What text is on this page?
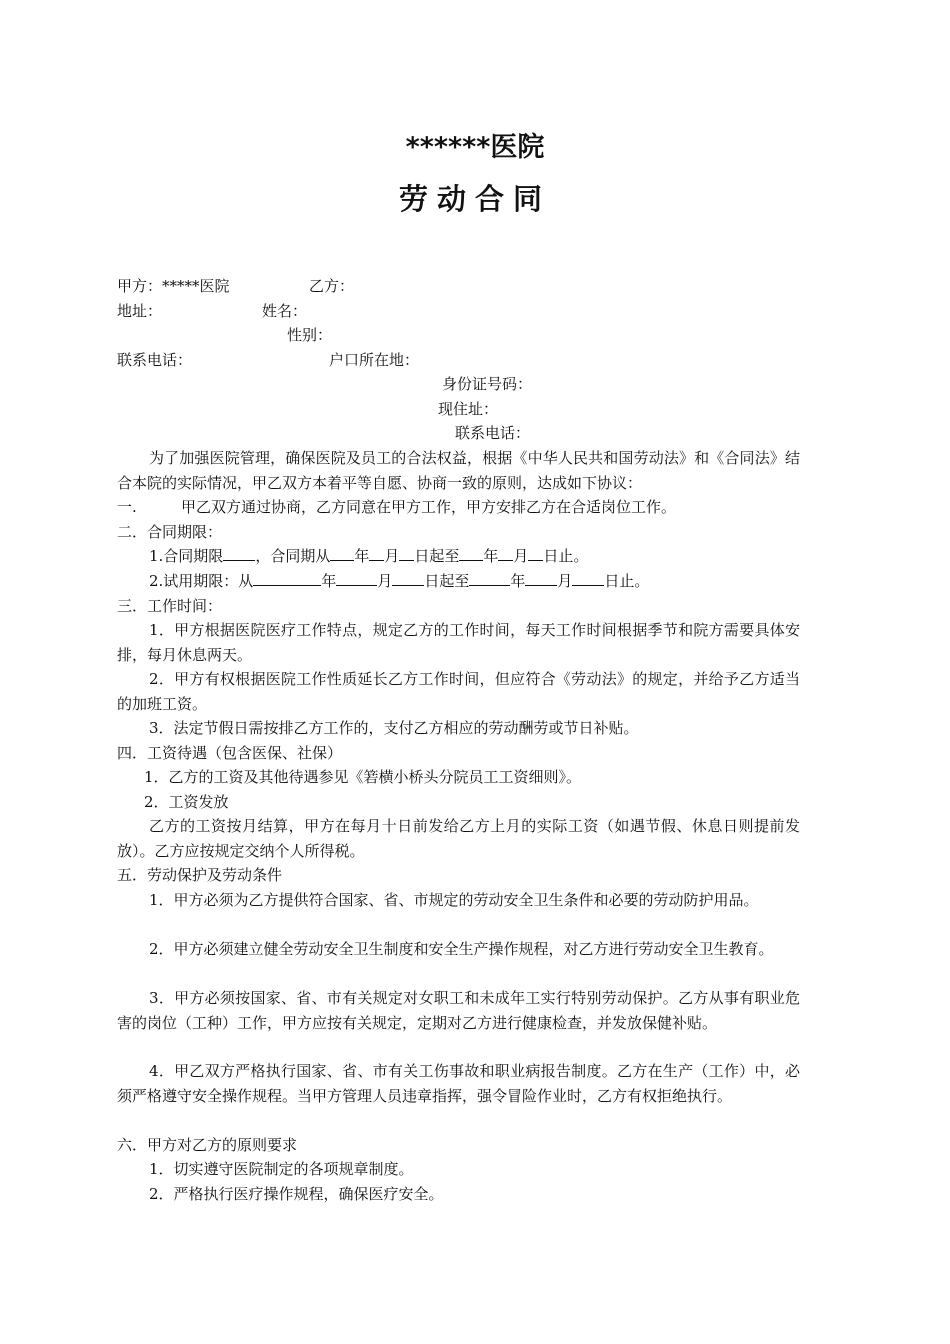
******医院
劳动合同
甲方：*****医院	乙方：
地址：	姓名：
性别：
联系电话：	户口所在地：
身份证号码：
现住址：
联系电话：
为了加强医院管理，确保医院及员工的合法权益，根据《中华人民共和国劳动法》和《合同法》结合本院的实际情况，甲乙双方本着平等自愿、协商一致的原则，达成如下协议：
一.	甲乙双方通过协商，乙方同意在甲方工作，甲方安排乙方在合适岗位工作。
二．合同期限：
1.合同期限 ，合同期从 年 月 日起至 年 月 日止。
2.试用期限：从	年	月 日起至	年 月 日止。
三．工作时间：
1．甲方根据医院医疗工作特点，规定乙方的工作时间，每天工作时间根据季节和院方需要具体安排，每月休息两天。
2．甲方有权根据医院工作性质延长乙方工作时间，但应符合《劳动法》的规定，并给予乙方适当的加班工资。
3．法定节假日需按排乙方工作的，支付乙方相应的劳动酬劳或节日补贴。
四．工资待遇（包含医保、社保）
1．乙方的工资及其他待遇参见《箬横小桥头分院员工工资细则》。
2．工资发放
乙方的工资按月结算，甲方在每月十日前发给乙方上月的实际工资（如遇节假、休息日则提前发放）。乙方应按规定交纳个人所得税。
五．劳动保护及劳动条件
1．甲方必须为乙方提供符合国家、省、市规定的劳动安全卫生条件和必要的劳动防护用品。
2．甲方必须建立健全劳动安全卫生制度和安全生产操作规程，对乙方进行劳动安全卫生教育。
3．甲方必须按国家、省、市有关规定对女职工和未成年工实行特别劳动保护。乙方从事有职业危害的岗位（工种）工作，甲方应按有关规定，定期对乙方进行健康检查，并发放保健补贴。
4．甲乙双方严格执行国家、省、市有关工伤事故和职业病报告制度。乙方在生产（工作）中，必须严格遵守安全操作规程。当甲方管理人员违章指挥，强令冒险作业时，乙方有权拒绝执行。
六．甲方对乙方的原则要求
1．切实遵守医院制定的各项规章制度。
2．严格执行医疗操作规程，确保医疗安全。
